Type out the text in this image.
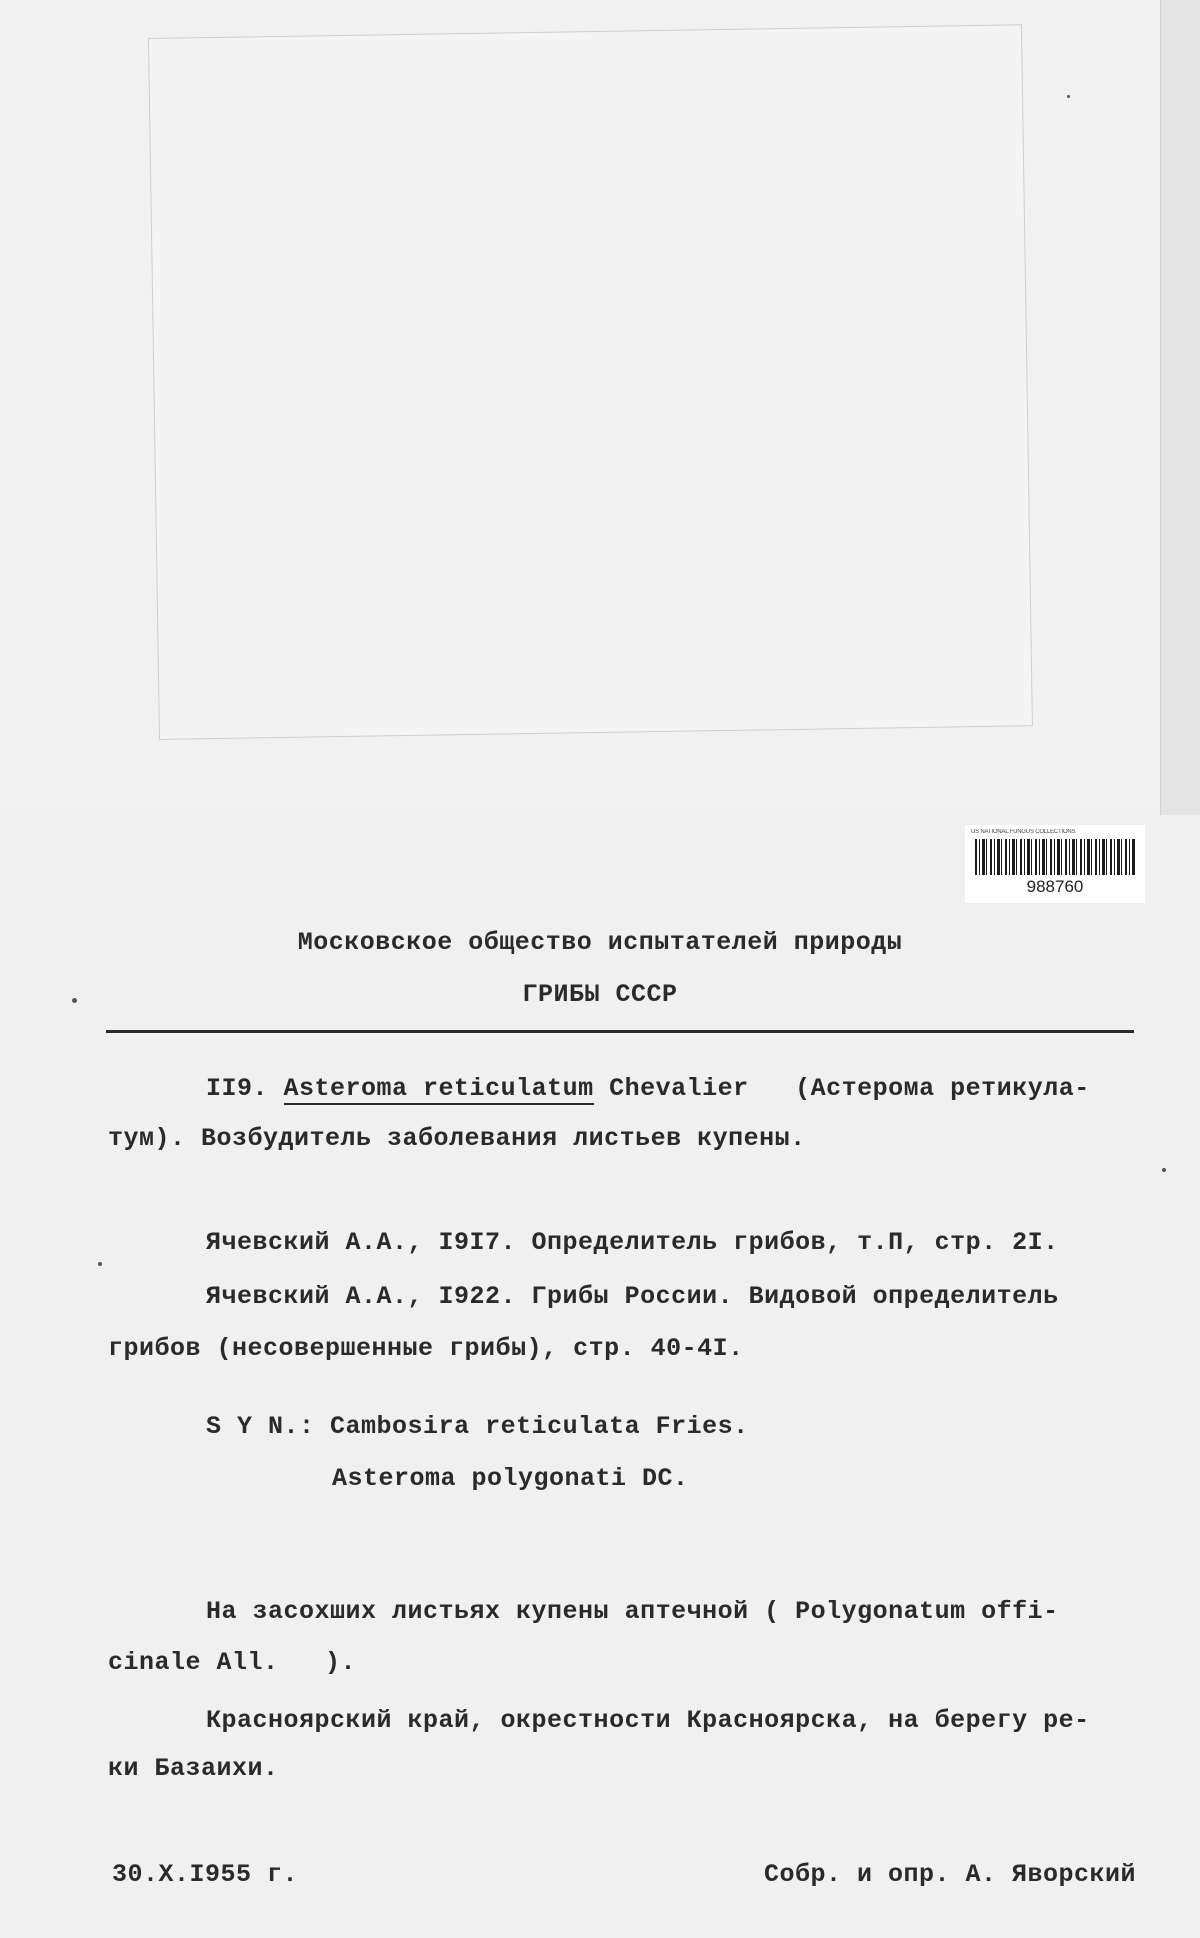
US NATIONAL FUNGUS COLLECTIONS
988760
Московское общество испытателей природы
ГРИБЫ СССР
II9. Asteroma reticulatum Chevalier (Астерома ретикула-
тум). Возбудитель заболевания листьев купены.
Ячевский А.А., I9I7. Определитель грибов, т.П, стр. 2I.
Ячевский А.А., I922. Грибы России. Видовой определитель
грибов (несовершенные грибы), стр. 40-4I.
S Y N.: Cambosira reticulata Fries.
Asteroma polygonati DC.
На засохших листьях купены аптечной ( Polygonatum offi-
cinale All. ).
Красноярский край, окрестности Красноярска, на берегу ре-
ки Базаихи.
30.X.I955 г.	Собр. и опр. А. Яворский
